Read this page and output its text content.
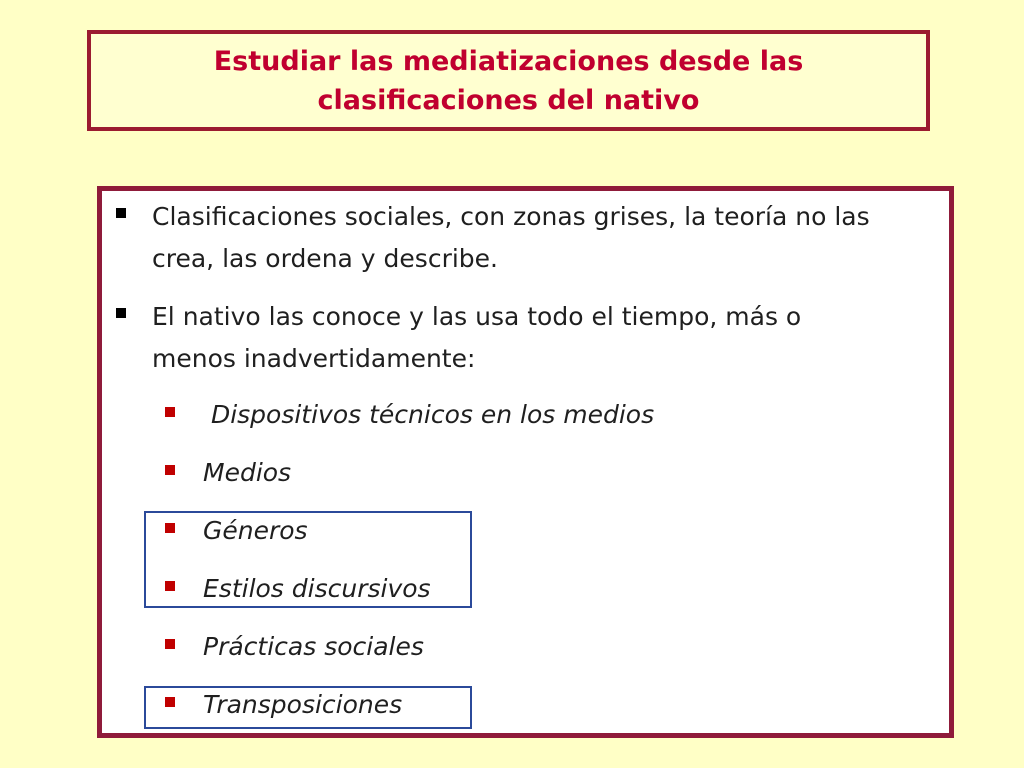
Estudiar las mediatizaciones desde las
clasificaciones del nativo
Clasificaciones sociales, con zonas grises, la teoría no las
crea, las ordena y describe.
El nativo las conoce y las usa todo el tiempo, más o
menos inadvertidamente:
Dispositivos técnicos en los medios
Medios
Géneros
Estilos discursivos
Prácticas sociales
Transposiciones
